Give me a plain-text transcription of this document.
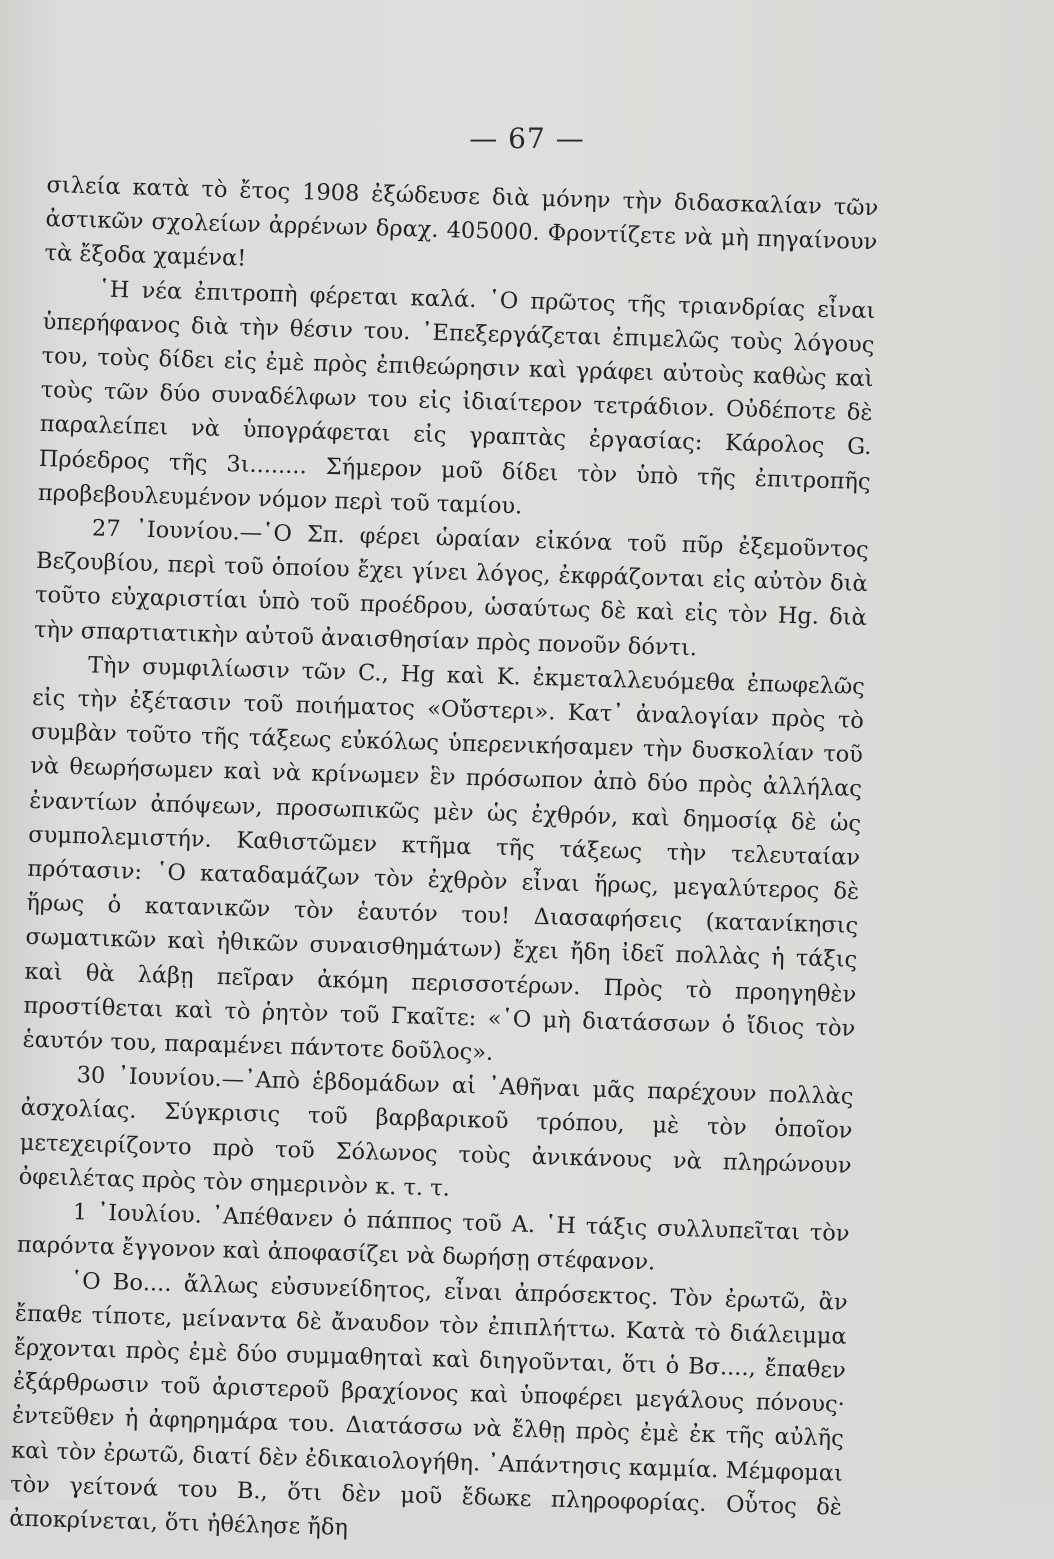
— 67 —

σιλεία κατὰ τὸ ἔτος 1908 ἐξώδευσε διὰ μόνην τὴν διδασκαλίαν τῶν ἀστικῶν σχολείων ἀρρένων δραχ. 405000. Φροντίζετε νὰ μὴ πηγαίνουν τὰ ἔξοδα χαμένα!

῾Η νέα ἐπιτροπὴ φέρεται καλά. ῾Ο πρῶτος τῆς τριανδρίας εἶναι ὑπερήφανος διὰ τὴν θέσιν του. ᾿Επεξεργάζεται ἐπιμελῶς τοὺς λόγους του, τοὺς δίδει εἰς ἐμὲ πρὸς ἐπιθεώρησιν καὶ γράφει αὐτοὺς καθὼς καὶ τοὺς τῶν δύο συναδέλφων του εἰς ἰδιαίτερον τετράδιον. Οὐδέποτε δὲ παραλείπει νὰ ὑπογράφεται εἰς γραπτὰς ἐργασίας: Κάρολος G. Πρόεδρος τῆς 3ι........ Σήμερον μοῦ δίδει τὸν ὑπὸ τῆς ἐπιτροπῆς προβεβουλευμένον νόμον περὶ τοῦ ταμίου.

27 ᾿Ιουνίου.—῾Ο Σπ. φέρει ὡραίαν εἰκόνα τοῦ πῦρ ἐξεμοῦντος Βεζουβίου, περὶ τοῦ ὁποίου ἔχει γίνει λόγος, ἐκφράζονται εἰς αὐτὸν διὰ τοῦτο εὐχαριστίαι ὑπὸ τοῦ προέδρου, ὡσαύτως δὲ καὶ εἰς τὸν Hg. διὰ τὴν σπαρτιατικὴν αὐτοῦ ἀναισθησίαν πρὸς πονοῦν δόντι.

Τὴν συμφιλίωσιν τῶν C., Hg καὶ Κ. ἐκμεταλλευόμεθα ἐπωφελῶς εἰς τὴν ἐξέτασιν τοῦ ποιήματος «Οὔστερι». Κατ᾿ ἀναλογίαν πρὸς τὸ συμβὰν τοῦτο τῆς τάξεως εὐκόλως ὑπερενικήσαμεν τὴν δυσκολίαν τοῦ νὰ θεωρήσωμεν καὶ νὰ κρίνωμεν ἓν πρόσωπον ἀπὸ δύο πρὸς ἀλλήλας ἐναντίων ἀπόψεων, προσωπικῶς μὲν ὡς ἐχθρόν, καὶ δημοσίᾳ δὲ ὡς συμπολεμιστήν. Καθιστῶμεν κτῆμα τῆς τάξεως τὴν τελευταίαν πρότασιν: ῾Ο καταδαμάζων τὸν ἐχθρὸν εἶναι ἥρως, μεγαλύτερος δὲ ἥρως ὁ κατανικῶν τὸν ἑαυτόν του! Διασαφήσεις (κατανίκησις σωματικῶν καὶ ἠθικῶν συναισθημάτων) ἔχει ἤδη ἰδεῖ πολλὰς ἡ τάξις καὶ θὰ λάβῃ πεῖραν ἀκόμη περισσοτέρων. Πρὸς τὸ προηγηθὲν προστίθεται καὶ τὸ ῥητὸν τοῦ Γκαῖτε: «῾Ο μὴ διατάσσων ὁ ἴδιος τὸν ἑαυτόν του, παραμένει πάντοτε δοῦλος».

30 ᾿Ιουνίου.—᾿Απὸ ἑβδομάδων αἱ ᾿Αθῆναι μᾶς παρέχουν πολλὰς ἀσχολίας. Σύγκρισις τοῦ βαρβαρικοῦ τρόπου, μὲ τὸν ὁποῖον μετεχειρίζοντο πρὸ τοῦ Σόλωνος τοὺς ἀνικάνους νὰ πληρώνουν ὀφειλέτας πρὸς τὸν σημερινὸν κ. τ. τ.

1 ᾿Ιουλίου. ᾿Απέθανεν ὁ πάππος τοῦ Α. ῾Η τάξις συλλυπεῖται τὸν παρόντα ἔγγονον καὶ ἀποφασίζει νὰ δωρήσῃ στέφανον.

῾Ο Βο.... ἄλλως εὐσυνείδητος, εἶναι ἀπρόσεκτος. Τὸν ἐρωτῶ, ἂν ἔπαθε τίποτε, μείναντα δὲ ἄναυδον τὸν ἐπιπλήττω. Κατὰ τὸ διάλειμμα ἔρχονται πρὸς ἐμὲ δύο συμμαθηταὶ καὶ διηγοῦνται, ὅτι ὁ Βσ...., ἔπαθεν ἐξάρθρωσιν τοῦ ἀριστεροῦ βραχίονος καὶ ὑποφέρει μεγάλους πόνους· ἐντεῦθεν ἡ ἀφηρημάρα του. Διατάσσω νὰ ἔλθῃ πρὸς ἐμὲ ἐκ τῆς αὐλῆς καὶ τὸν ἐρωτῶ, διατί δὲν ἐδικαιολογήθη. ᾿Απάντησις καμμία. Μέμφομαι τὸν γείτονά του Β., ὅτι δὲν μοῦ ἔδωκε πληροφορίας. Οὗτος δὲ ἀποκρίνεται, ὅτι ἠθέλησε ἤδη
